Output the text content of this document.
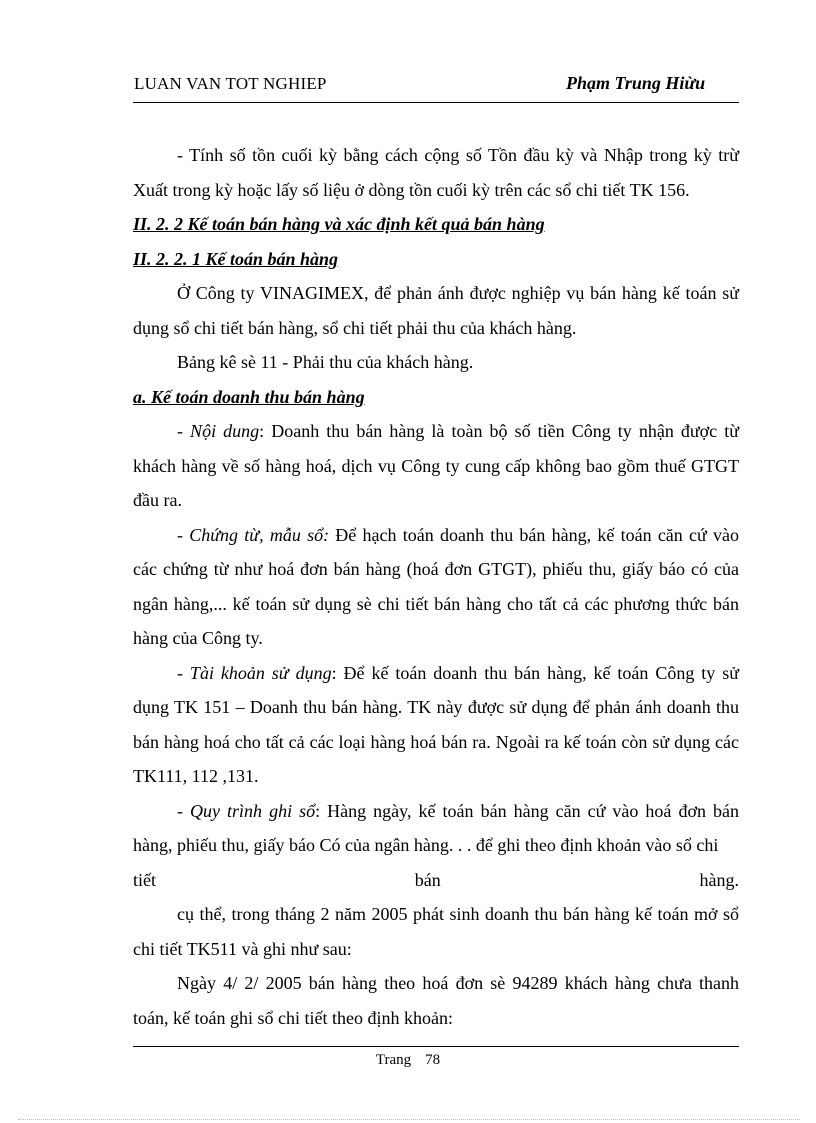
LUAN VAN TOT NGHIEP	Phạm Trung Hiừu

- Tính số tồn cuối kỳ bằng cách cộng số Tồn đầu kỳ và Nhập trong kỳ trừ Xuất trong kỳ hoặc lấy số liệu ở dòng tồn cuối kỳ trên các sổ chi tiết TK 156.

II. 2. 2 Kế toán bán hàng và xác định kết quả bán hàng

II. 2. 2. 1 Kế toán bán hàng

Ở Công ty VINAGIMEX, để phản ánh được nghiệp vụ bán hàng kế toán sử dụng sổ chi tiết bán hàng, sổ chi tiết phải thu của khách hàng.

Bảng kê sè 11 - Phải thu của khách hàng.

a. Kế toán doanh thu bán hàng

- Nội dung: Doanh thu bán hàng là toàn bộ số tiền Công ty nhận được từ khách hàng về số hàng hoá, dịch vụ Công ty cung cấp không bao gồm thuế GTGT đầu ra.

- Chứng từ, mẫu sổ: Để hạch toán doanh thu bán hàng, kế toán căn cứ vào các chứng từ như hoá đơn bán hàng (hoá đơn GTGT), phiếu thu, giấy báo có của ngân hàng,... kế toán sử dụng sè chi tiết bán hàng cho tất cả các phương thức bán hàng của Công ty.

- Tài khoản sử dụng: Để kế toán doanh thu bán hàng, kế toán Công ty sử dụng TK 151 – Doanh thu bán hàng. TK này được sử dụng để phản ánh doanh thu bán hàng hoá cho tất cả các loại hàng hoá bán ra. Ngoài ra kế toán còn sử dụng các TK111, 112 ,131.

- Quy trình ghi sổ: Hàng ngày, kế toán bán hàng căn cứ vào hoá đơn bán hàng, phiếu thu, giấy báo Có của ngân hàng. . . để ghi theo định khoản vào sổ chi

tiết	bán	hàng.

cụ thể, trong tháng 2 năm 2005 phát sinh doanh thu bán hàng kế toán mở sổ chi tiết TK511 và ghi như sau:

Ngày 4/ 2/ 2005 bán hàng theo hoá đơn sè 94289 khách hàng chưa thanh toán, kế toán ghi sổ chi tiết theo định khoản:

Trang 78
